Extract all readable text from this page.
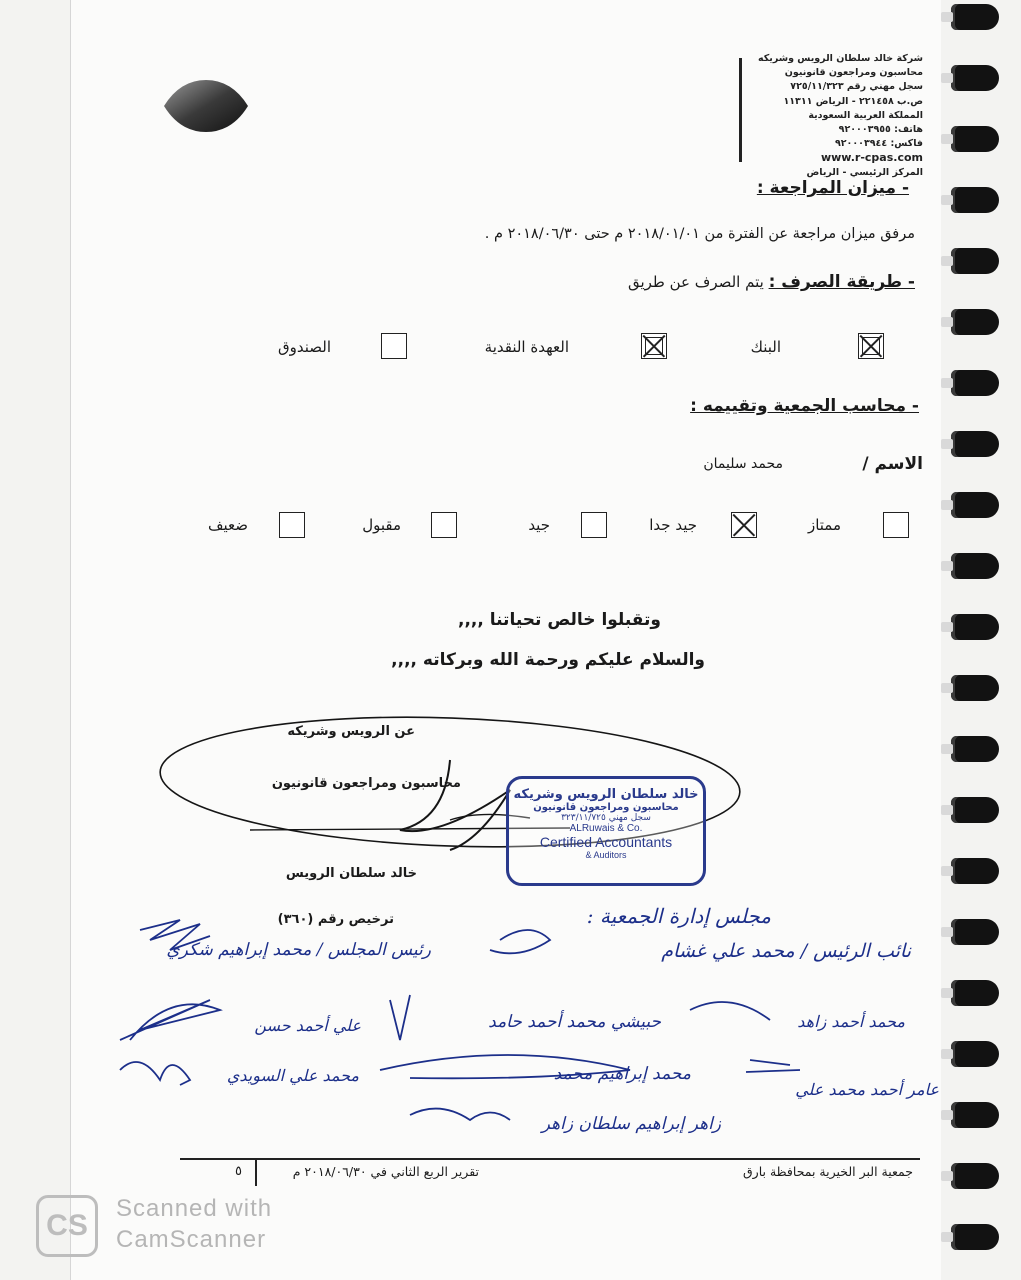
شركة خالد سلطان الرويس وشريكه
محاسبون ومراجعون قانونيون
سجل مهني رقم ٧٢٥/١١/٣٢٣
ص.ب ٢٢١٤٥٨ - الرياض ١١٣١١
المملكة العربية السعودية
هاتف: ٩٢٠٠٠٣٩٥٥
فاكس: ٩٢٠٠٠٣٩٤٤
www.r-cpas.com
المركز الرئيسي - الرياض
- ميزان المراجعة :
مرفق ميزان مراجعة عن الفترة من ٢٠١٨/٠١/٠١ م حتى ٢٠١٨/٠٦/٣٠ م .
- طريقة الصرف : يتم الصرف عن طريق
البنك
العهدة النقدية
الصندوق
- محاسب الجمعية وتقييمه :
الاسم /
محمد سليمان
ممتاز
جيد جدا
جيد
مقبول
ضعيف
وتقبلوا خالص تحياتنا ,,,,
والسلام عليكم ورحمة الله وبركاته ,,,,
عن الرويس وشريكه
محاسبون ومراجعون قانونيون
خالد سلطان الرويس
ترخيص رقم (٣٦٠)
خالد سلطان الرويس وشريكه
محاسبون ومراجعون قانونيون
سجل مهني ٣٢٣/١١/٧٢٥
ALRuwais & Co.
Certified Accountants
& Auditors
مجلس إدارة الجمعية :
نائب الرئيس / محمد علي غشام
رئيس المجلس / محمد إبراهيم شكري
محمد أحمد زاهد
حبيشي محمد أحمد حامد
علي أحمد حسن
عامر أحمد محمد علي
محمد إبراهيم محمد
محمد علي السويدي
زاهر إبراهيم سلطان زاهر
جمعية البر الخيرية بمحافظة بارق
تقرير الربع الثاني في ٢٠١٨/٠٦/٣٠ م
٥
CS
Scanned with
CamScanner
